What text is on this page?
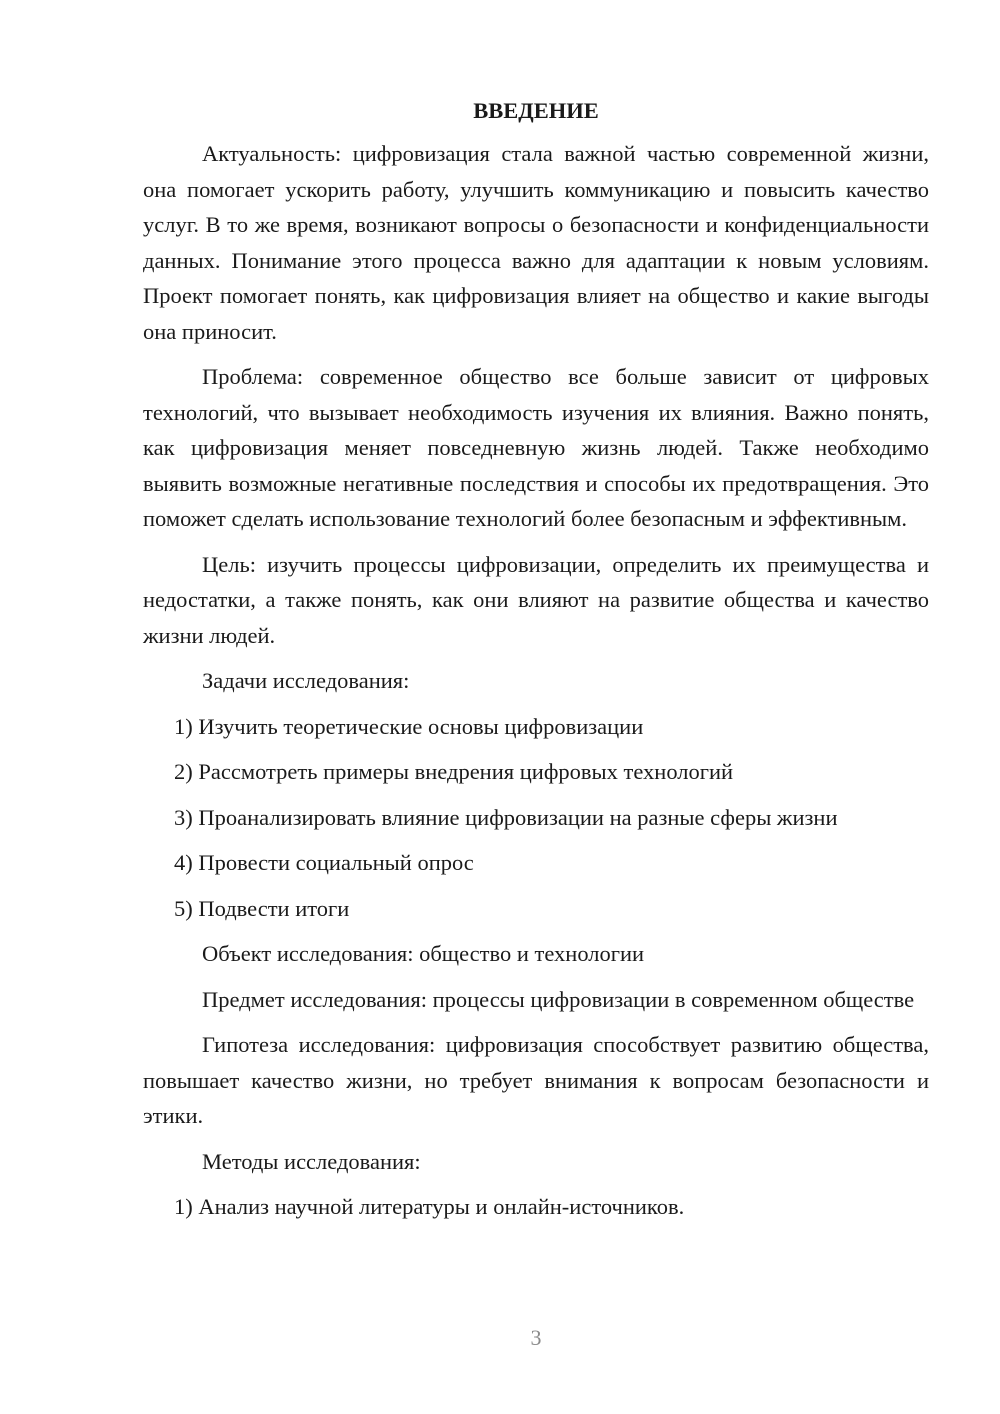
ВВЕДЕНИЕ
Актуальность: цифровизация стала важной частью современной жизни, она помогает ускорить работу, улучшить коммуникацию и повысить качество услуг. В то же время, возникают вопросы о безопасности и конфиденциальности данных. Понимание этого процесса важно для адаптации к новым условиям. Проект помогает понять, как цифровизация влияет на общество и какие выгоды она приносит.
Проблема: современное общество все больше зависит от цифровых технологий, что вызывает необходимость изучения их влияния. Важно понять, как цифровизация меняет повседневную жизнь людей. Также необходимо выявить возможные негативные последствия и способы их предотвращения. Это поможет сделать использование технологий более безопасным и эффективным.
Цель: изучить процессы цифровизации, определить их преимущества и недостатки, а также понять, как они влияют на развитие общества и качество жизни людей.
Задачи исследования:
1) Изучить теоретические основы цифровизации
2) Рассмотреть примеры внедрения цифровых технологий
3) Проанализировать влияние цифровизации на разные сферы жизни
4) Провести социальный опрос
5) Подвести итоги
Объект исследования: общество и технологии
Предмет исследования: процессы цифровизации в современном обществе
Гипотеза исследования: цифровизация способствует развитию общества, повышает качество жизни, но требует внимания к вопросам безопасности и этики.
Методы исследования:
1) Анализ научной литературы и онлайн-источников.
3
